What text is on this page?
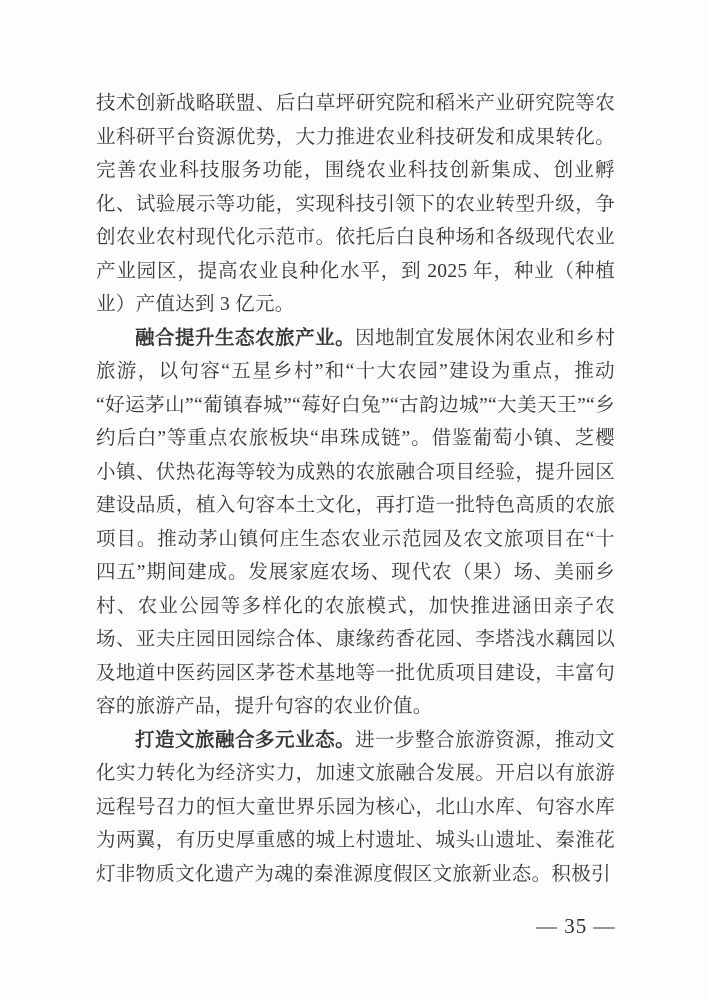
技术创新战略联盟、后白草坪研究院和稻米产业研究院等农业科研平台资源优势，大力推进农业科技研发和成果转化。完善农业科技服务功能，围绕农业科技创新集成、创业孵化、试验展示等功能，实现科技引领下的农业转型升级，争创农业农村现代化示范市。依托后白良种场和各级现代农业产业园区，提高农业良种化水平，到 2025 年，种业（种植业）产值达到 3 亿元。

融合提升生态农旅产业。因地制宜发展休闲农业和乡村旅游，以句容“五星乡村”和“十大农园”建设为重点，推动“好运茅山”“葡镇春城”“莓好白兔”“古韵边城”“大美天王”“乡约后白”等重点农旅板块“串珠成链”。借鉴葡萄小镇、芝樱小镇、伏热花海等较为成熟的农旅融合项目经验，提升园区建设品质，植入句容本土文化，再打造一批特色高质的农旅项目。推动茅山镇何庄生态农业示范园及农文旅项目在“十四五”期间建成。发展家庭农场、现代农（果）场、美丽乡村、农业公园等多样化的农旅模式，加快推进涵田亲子农场、亚夫庄园田园综合体、康缘药香花园、李塔浅水藕园以及地道中医药园区茅苍术基地等一批优质项目建设，丰富句容的旅游产品，提升句容的农业价值。

打造文旅融合多元业态。进一步整合旅游资源，推动文化实力转化为经济实力，加速文旅融合发展。开启以有旅游远程号召力的恒大童世界乐园为核心，北山水库、句容水库为两翼，有历史厚重感的城上村遗址、城头山遗址、秦淮花灯非物质文化遗产为魂的秦淮源度假区文旅新业态。积极引

— 35 —
